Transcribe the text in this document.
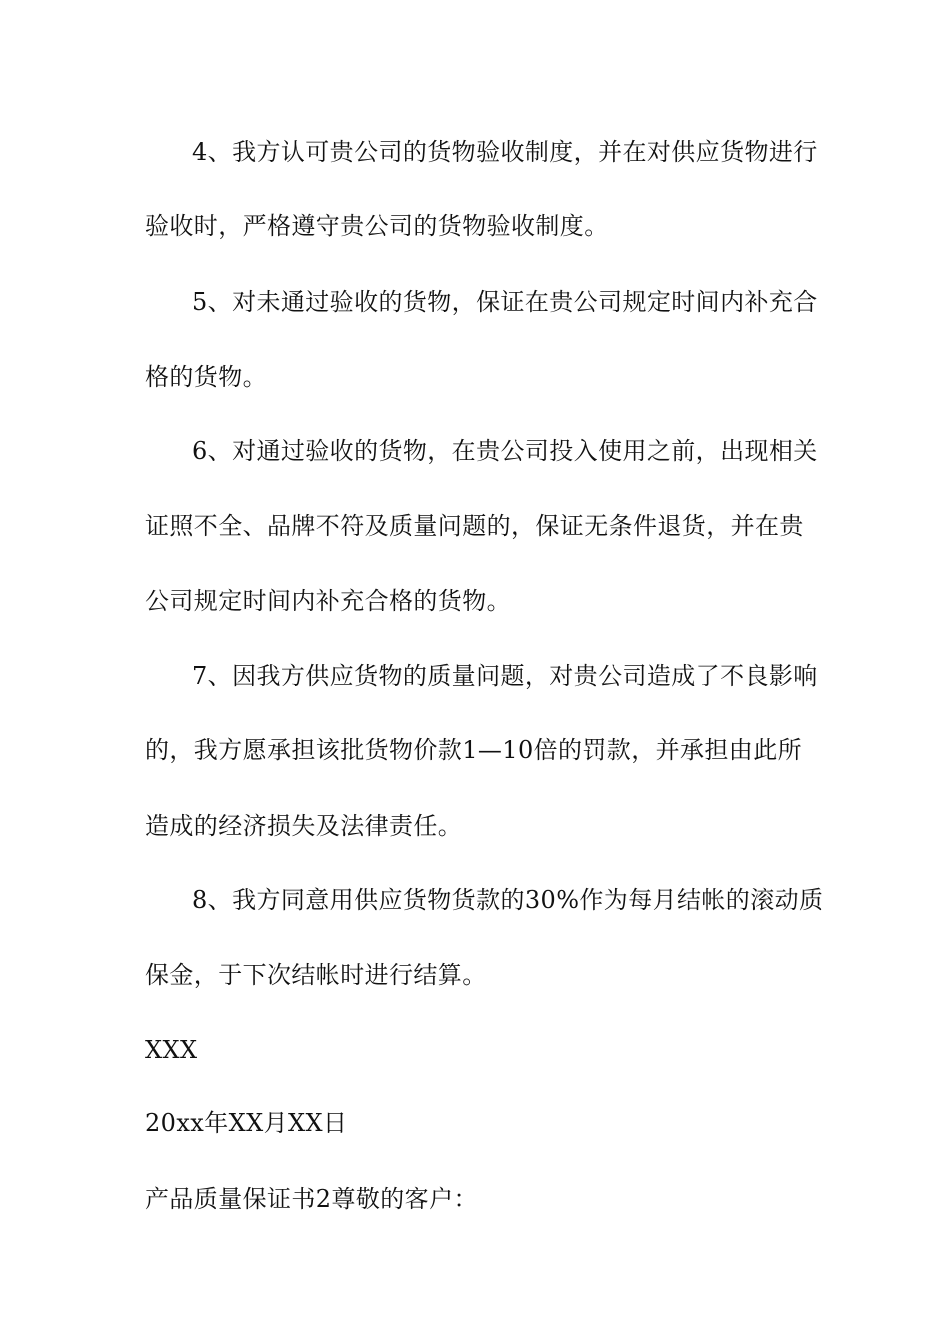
4、我方认可贵公司的货物验收制度，并在对供应货物进行
验收时，严格遵守贵公司的货物验收制度。
5、对未通过验收的货物，保证在贵公司规定时间内补充合
格的货物。
6、对通过验收的货物，在贵公司投入使用之前，出现相关
证照不全、品牌不符及质量问题的，保证无条件退货，并在贵
公司规定时间内补充合格的货物。
7、因我方供应货物的质量问题，对贵公司造成了不良影响
的，我方愿承担该批货物价款1—10倍的罚款，并承担由此所
造成的经济损失及法律责任。
8、我方同意用供应货物货款的30%作为每月结帐的滚动质
保金，于下次结帐时进行结算。
XXX
20xx年XX月XX日
产品质量保证书2尊敬的客户：
